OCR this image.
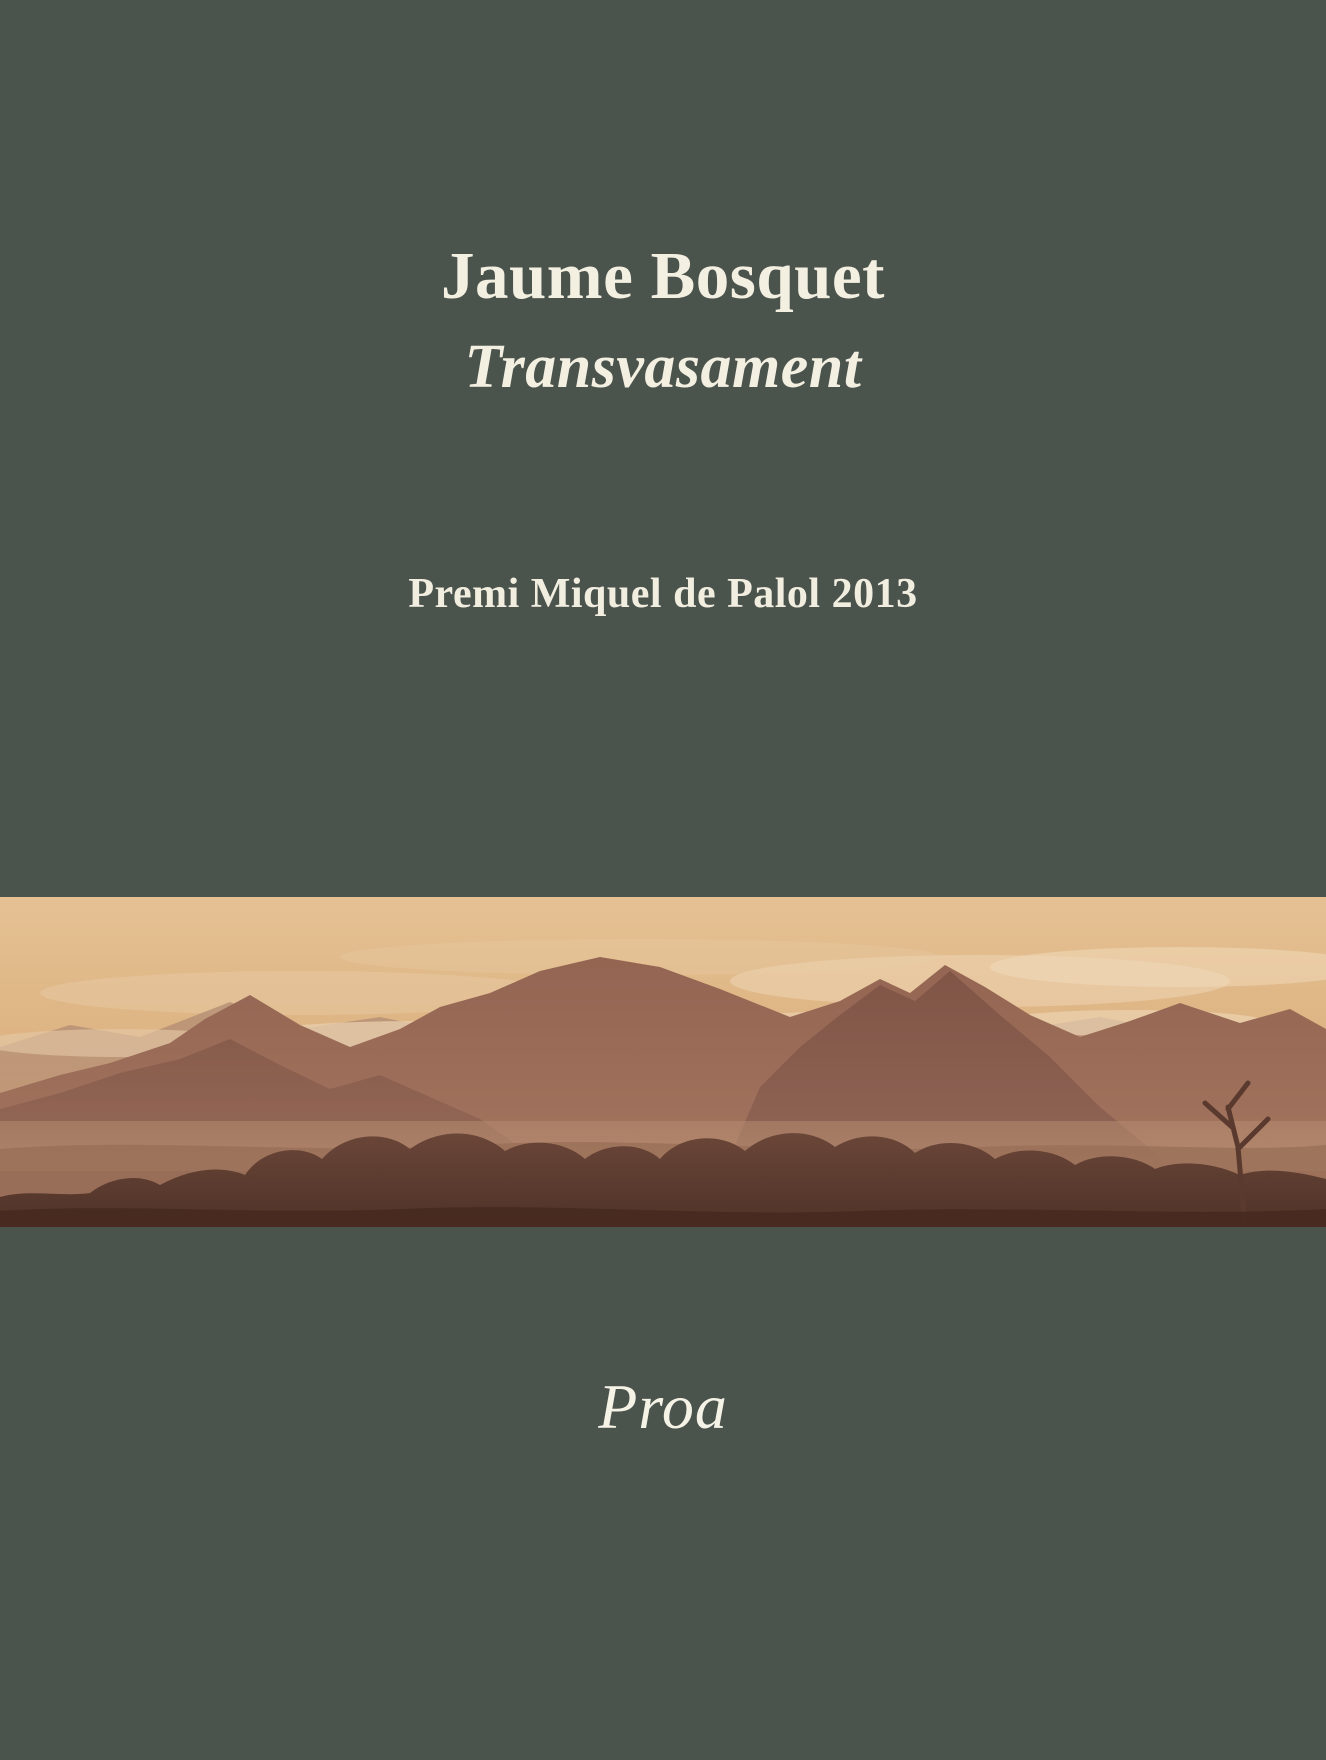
Jaume Bosquet
Transvasament
Premi Miquel de Palol 2013
Proa
